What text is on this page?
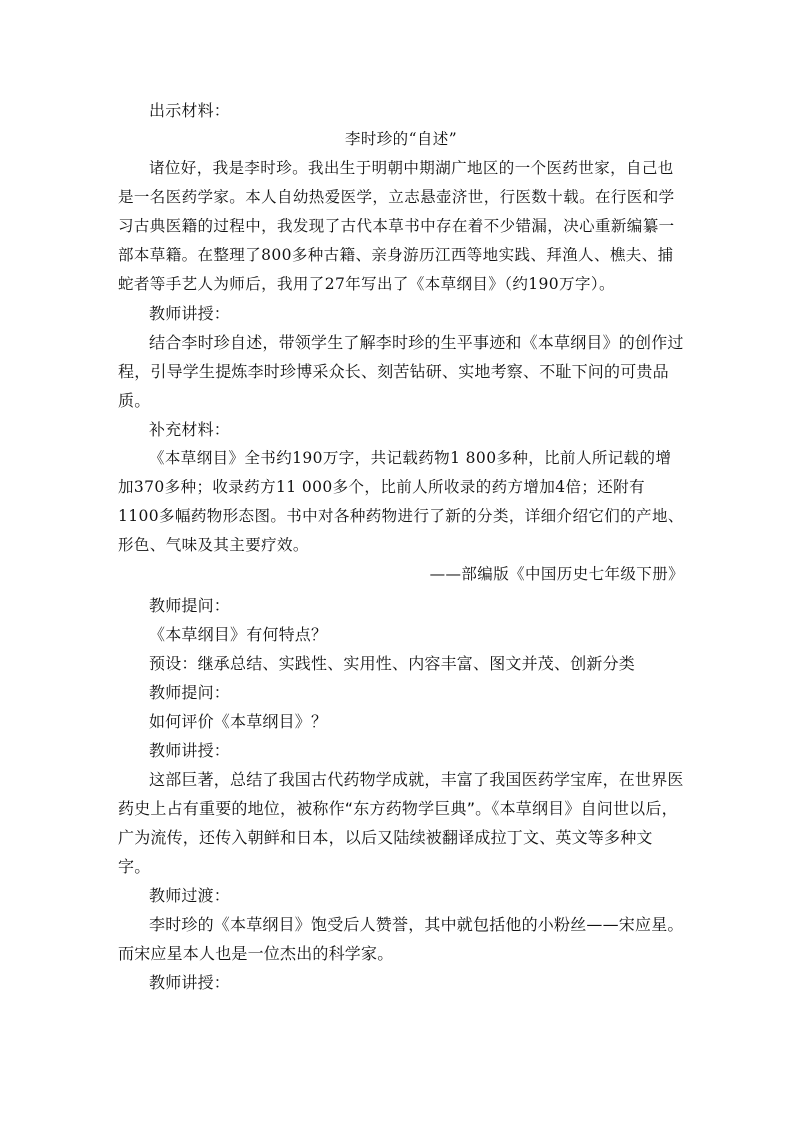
出示材料：

李时珍的“自述”

诸位好，我是李时珍。我出生于明朝中期湖广地区的一个医药世家，自己也是一名医药学家。本人自幼热爱医学，立志悬壶济世，行医数十载。在行医和学习古典医籍的过程中，我发现了古代本草书中存在着不少错漏，决心重新编纂一部本草籍。在整理了800多种古籍、亲身游历江西等地实践、拜渔人、樵夫、捕蛇者等手艺人为师后，我用了27年写出了《本草纲目》（约190万字）。

教师讲授：

结合李时珍自述，带领学生了解李时珍的生平事迹和《本草纲目》的创作过程，引导学生提炼李时珍博采众长、刻苦钻研、实地考察、不耻下问的可贵品质。

补充材料：

《本草纲目》全书约190万字，共记载药物1 800多种，比前人所记载的增加370多种；收录药方11 000多个，比前人所收录的药方增加4倍；还附有1100多幅药物形态图。书中对各种药物进行了新的分类，详细介绍它们的产地、形色、气味及其主要疗效。

——部编版《中国历史七年级下册》

教师提问：

《本草纲目》有何特点？

预设：继承总结、实践性、实用性、内容丰富、图文并茂、创新分类

教师提问：

如何评价《本草纲目》？

教师讲授：

这部巨著，总结了我国古代药物学成就，丰富了我国医药学宝库，在世界医药史上占有重要的地位，被称作“东方药物学巨典”。《本草纲目》自问世以后，广为流传，还传入朝鲜和日本，以后又陆续被翻译成拉丁文、英文等多种文字。

教师过渡：

李时珍的《本草纲目》饱受后人赞誉，其中就包括他的小粉丝——宋应星。而宋应星本人也是一位杰出的科学家。

教师讲授：
